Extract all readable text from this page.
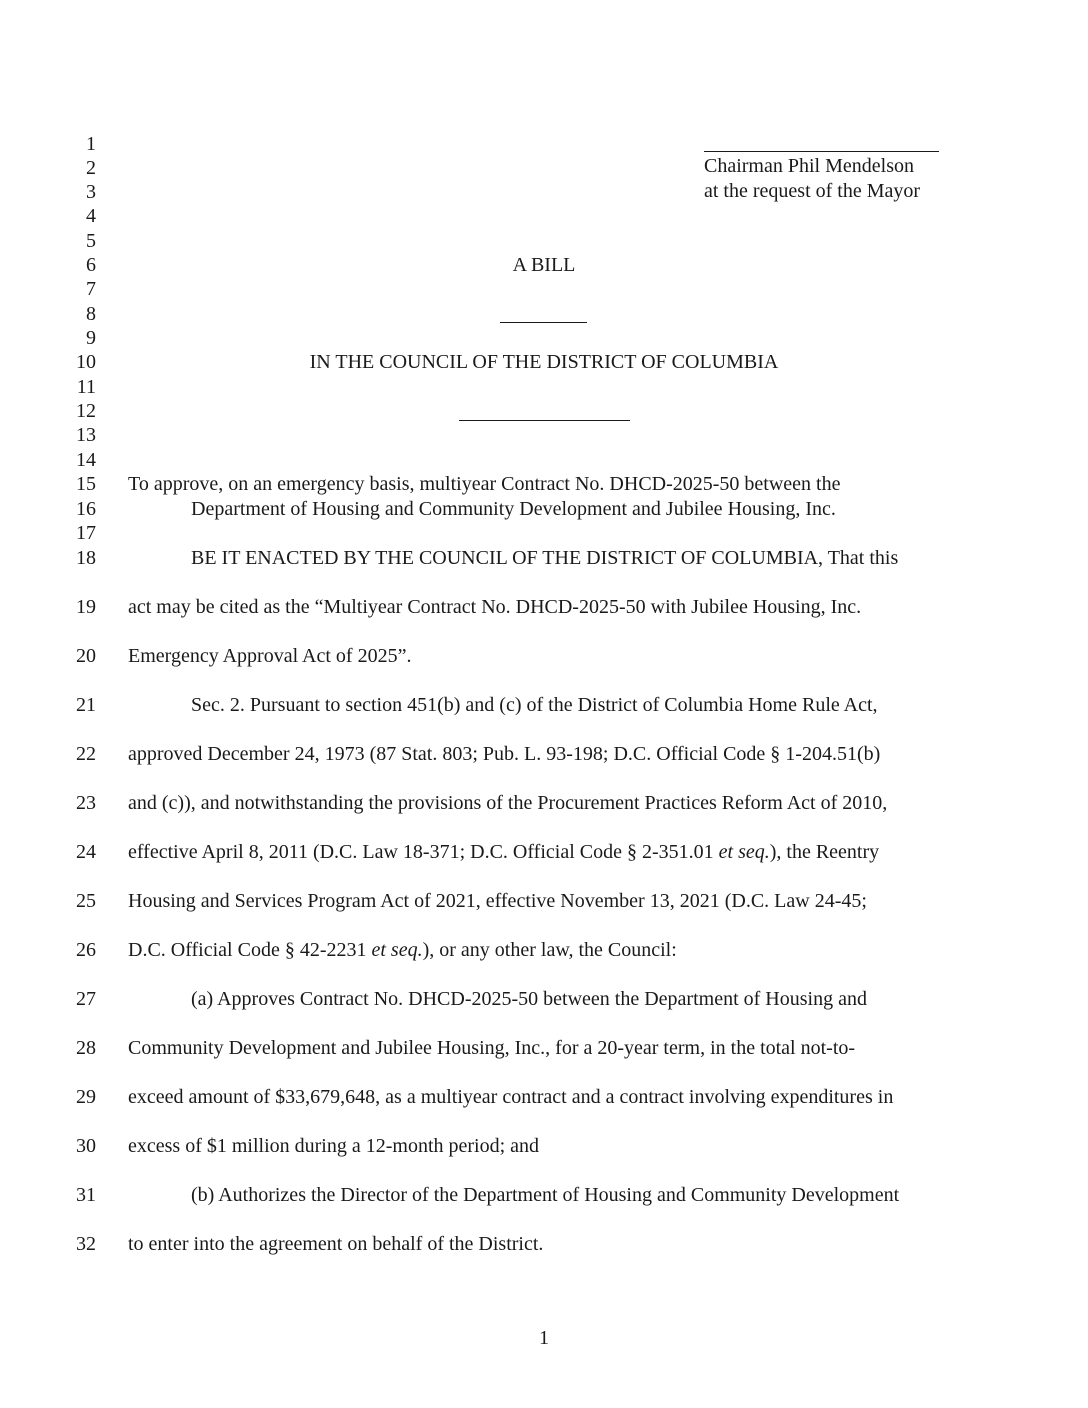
1
2
3
4
5
6
7
8
9
10
11
12
13
14
15
16
17
18
19
20
21
22
23
24
25
26
27
28
29
30
31
32
Chairman Phil Mendelson
at the request of the Mayor
A BILL
IN THE COUNCIL OF THE DISTRICT OF COLUMBIA
To approve, on an emergency basis, multiyear Contract No. DHCD-2025-50 between the
Department of Housing and Community Development and Jubilee Housing, Inc.
BE IT ENACTED BY THE COUNCIL OF THE DISTRICT OF COLUMBIA, That this
act may be cited as the “Multiyear Contract No. DHCD-2025-50 with Jubilee Housing, Inc.
Emergency Approval Act of 2025”.
Sec. 2. Pursuant to section 451(b) and (c) of the District of Columbia Home Rule Act,
approved December 24, 1973 (87 Stat. 803; Pub. L. 93-198; D.C. Official Code § 1-204.51(b)
and (c)), and notwithstanding the provisions of the Procurement Practices Reform Act of 2010,
effective April 8, 2011 (D.C. Law 18-371; D.C. Official Code § 2-351.01 et seq.), the Reentry
Housing and Services Program Act of 2021, effective November 13, 2021 (D.C. Law 24-45;
D.C. Official Code § 42-2231 et seq.), or any other law, the Council:
(a) Approves Contract No. DHCD-2025-50 between the Department of Housing and
Community Development and Jubilee Housing, Inc., for a 20-year term, in the total not-to-
exceed amount of $33,679,648, as a multiyear contract and a contract involving expenditures in
excess of $1 million during a 12-month period; and
(b) Authorizes the Director of the Department of Housing and Community Development
to enter into the agreement on behalf of the District.
1
